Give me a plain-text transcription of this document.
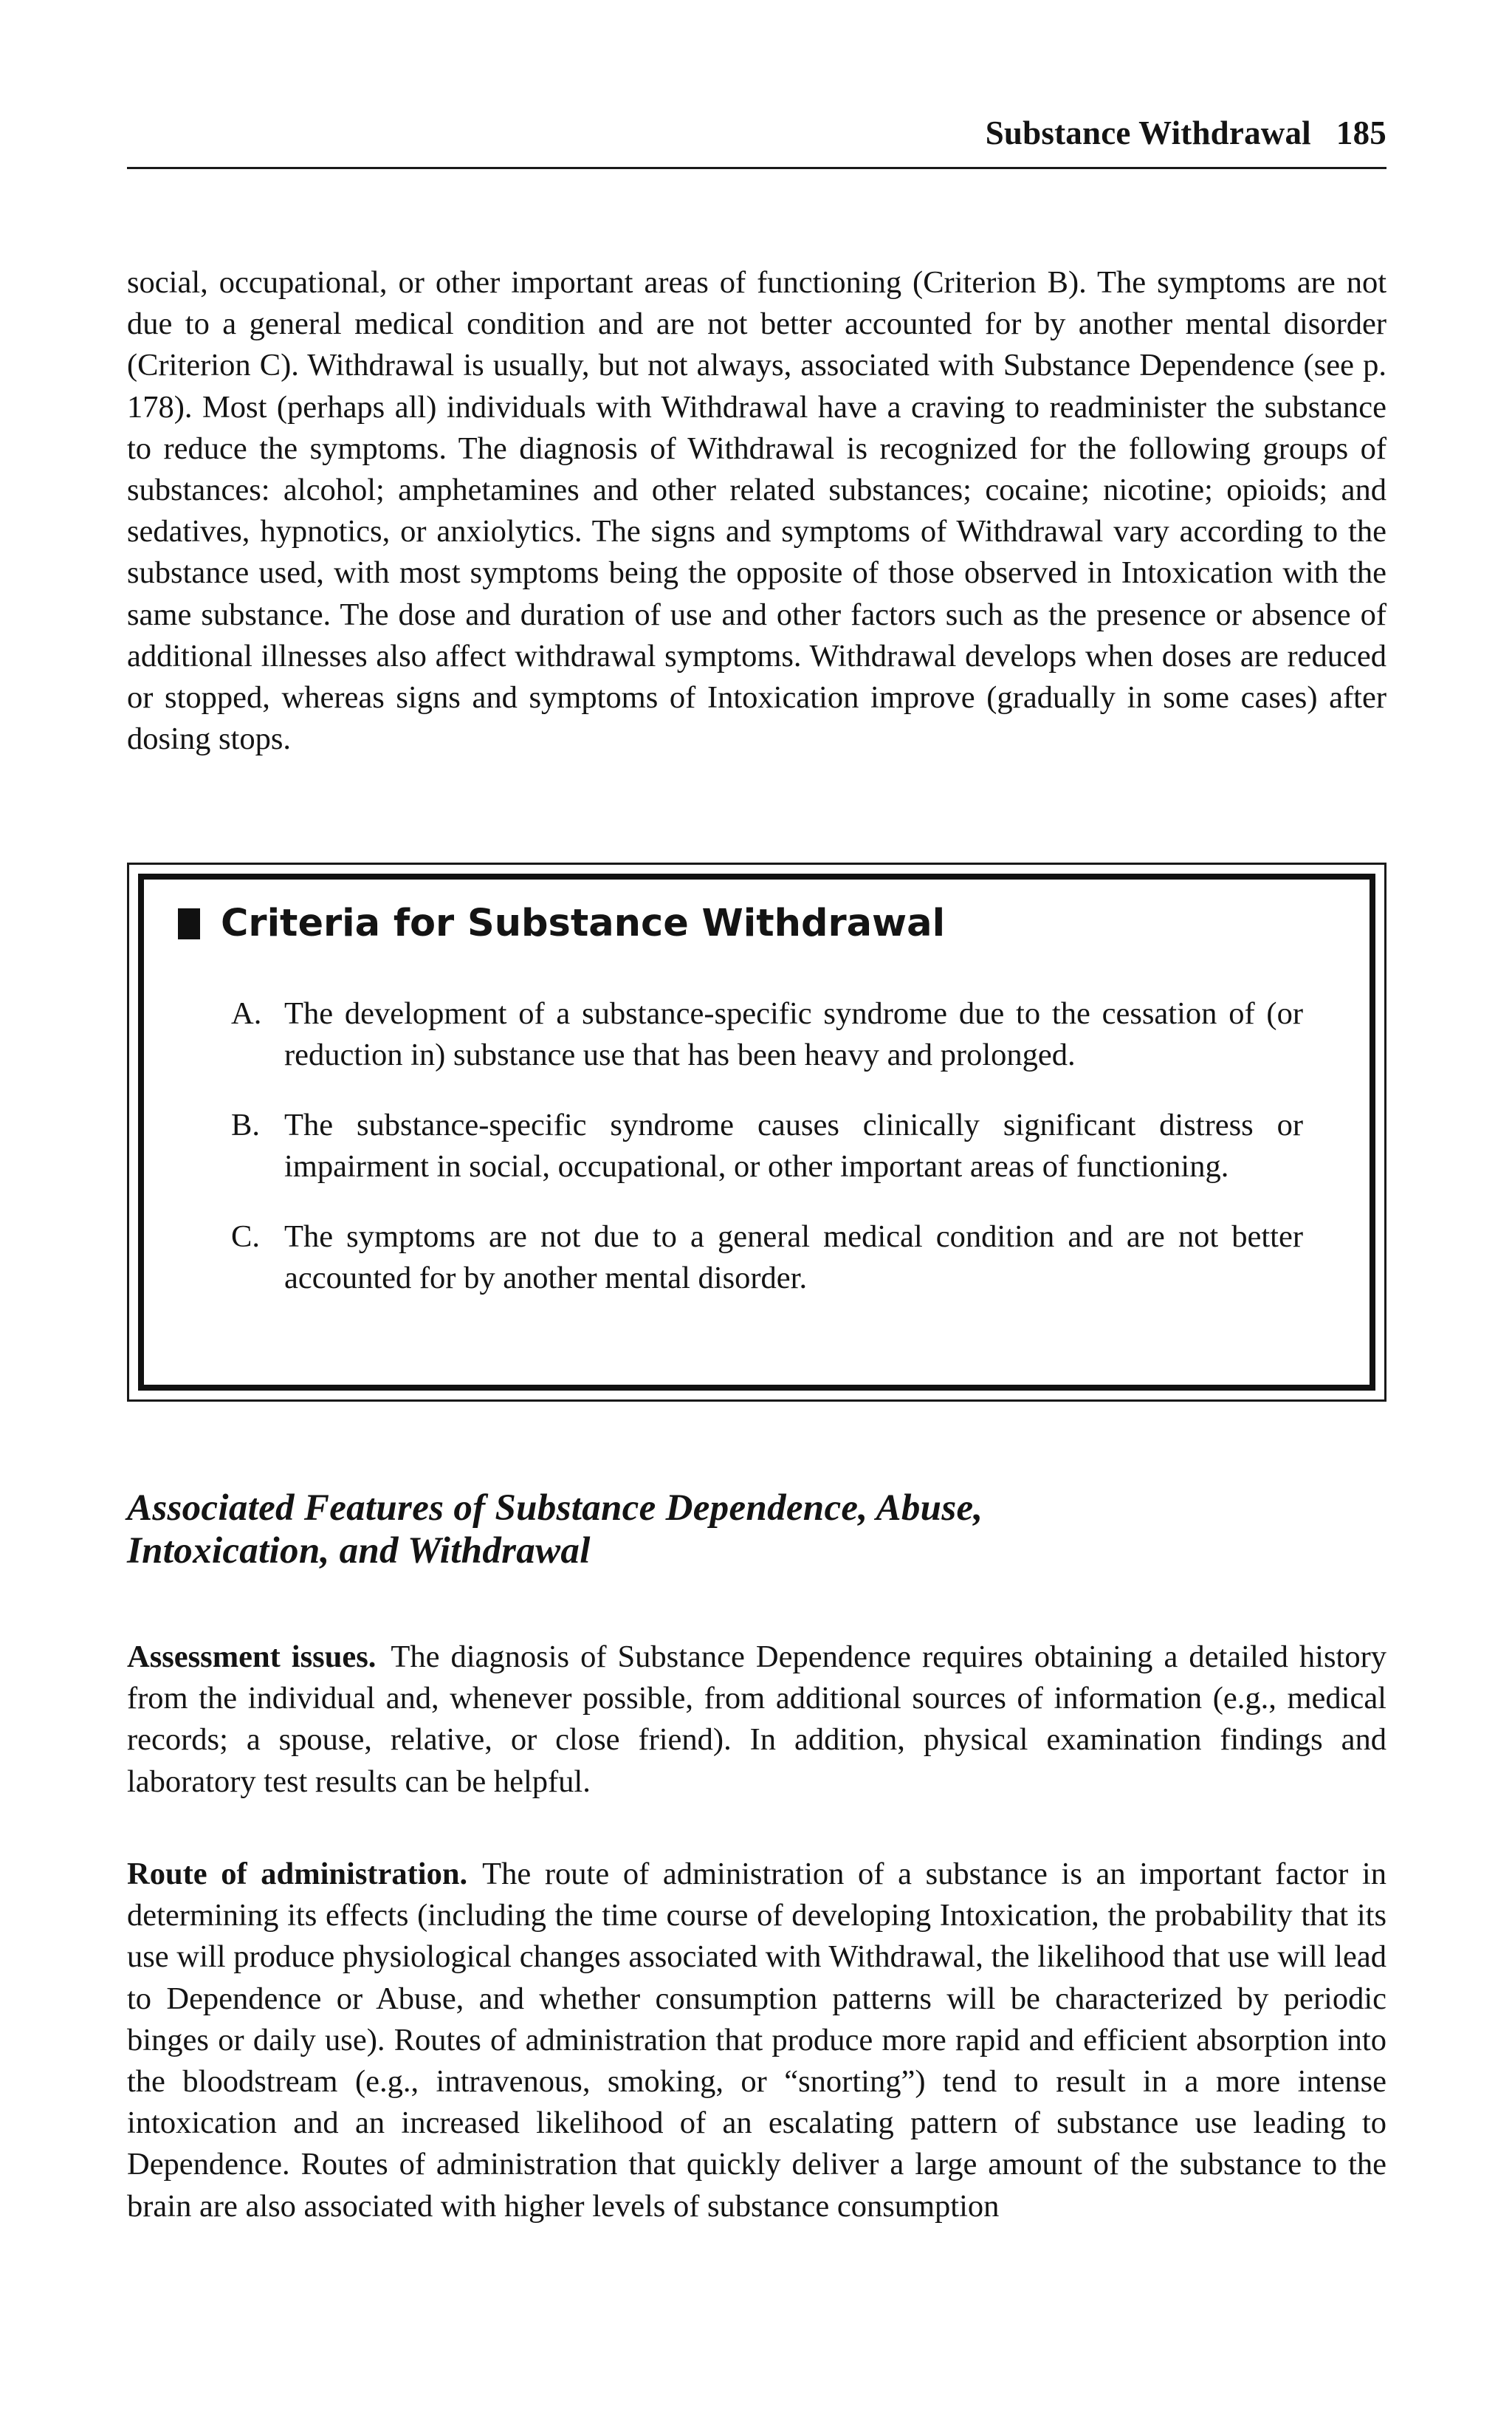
Substance Withdrawal 185

social, occupational, or other important areas of functioning (Criterion B). The symptoms are not due to a general medical condition and are not better accounted for by another mental disorder (Criterion C). Withdrawal is usually, but not always, associated with Substance Dependence (see p. 178). Most (perhaps all) individuals with Withdrawal have a craving to readminister the substance to reduce the symptoms. The diagnosis of Withdrawal is recognized for the following groups of substances: alcohol; amphetamines and other related substances; cocaine; nicotine; opioids; and sedatives, hypnotics, or anxiolytics. The signs and symptoms of Withdrawal vary according to the substance used, with most symptoms being the opposite of those observed in Intoxication with the same substance. The dose and duration of use and other factors such as the presence or absence of additional illnesses also affect withdrawal symptoms. Withdrawal develops when doses are reduced or stopped, whereas signs and symptoms of Intoxication improve (gradually in some cases) after dosing stops.

Criteria for Substance Withdrawal
A. The development of a substance-specific syndrome due to the cessation of (or reduction in) substance use that has been heavy and prolonged.
B. The substance-specific syndrome causes clinically significant distress or impairment in social, occupational, or other important areas of functioning.
C. The symptoms are not due to a general medical condition and are not better accounted for by another mental disorder.
Associated Features of Substance Dependence, Abuse,
Intoxication, and Withdrawal

Assessment issues. The diagnosis of Substance Dependence requires obtaining a detailed history from the individual and, whenever possible, from additional sources of information (e.g., medical records; a spouse, relative, or close friend). In addition, physical examination findings and laboratory test results can be helpful.

Route of administration. The route of administration of a substance is an important factor in determining its effects (including the time course of developing Intoxication, the probability that its use will produce physiological changes associated with Withdrawal, the likelihood that use will lead to Dependence or Abuse, and whether consumption patterns will be characterized by periodic binges or daily use). Routes of administration that produce more rapid and efficient absorption into the bloodstream (e.g., intravenous, smoking, or “snorting”) tend to result in a more intense intoxication and an increased likelihood of an escalating pattern of substance use leading to Dependence. Routes of administration that quickly deliver a large amount of the substance to the brain are also associated with higher levels of substance consumption
